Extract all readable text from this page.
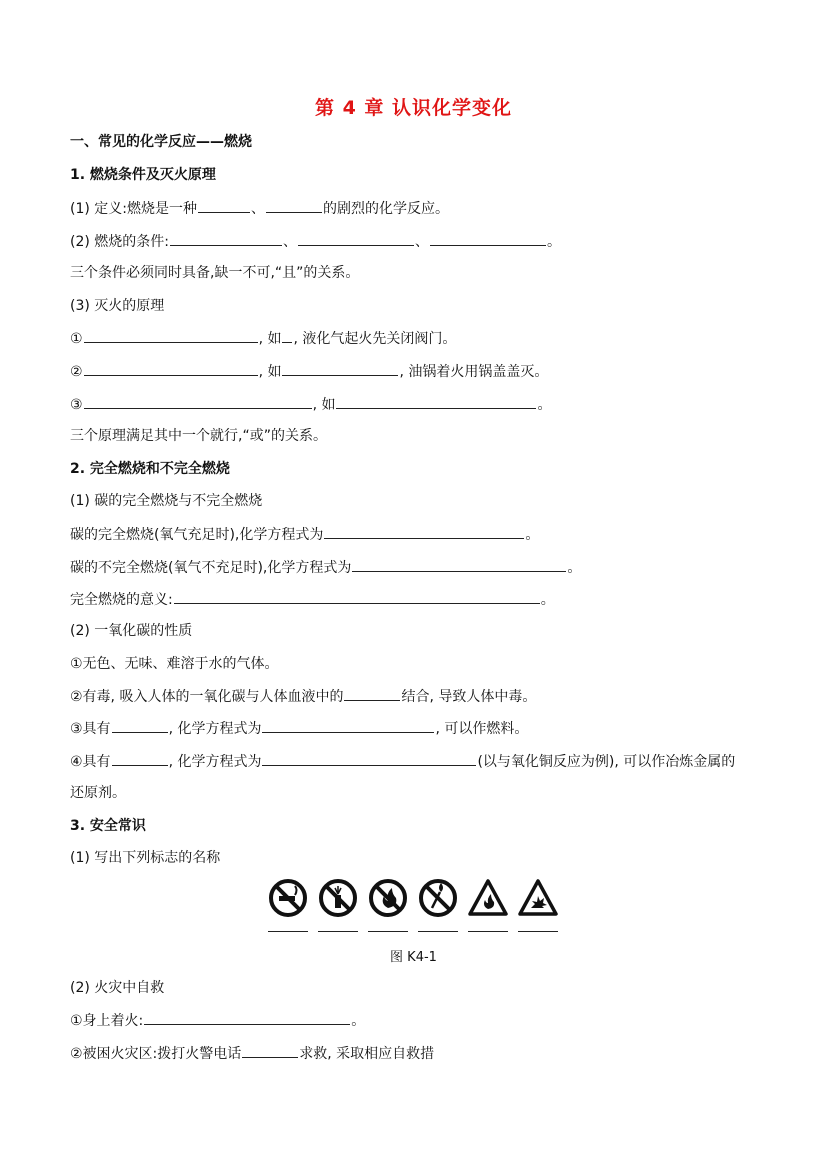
第 4 章 认识化学变化
一、常见的化学反应——燃烧
1. 燃烧条件及灭火原理
(1) 定义:燃烧是一种	、	的剧烈的化学反应。
(2) 燃烧的条件:	、	、	。
三个条件必须同时具备,缺一不可,“且”的关系。
(3) 灭火的原理
①	, 如 , 液化气起火先关闭阀门。
②	, 如	, 油锅着火用锅盖盖灭。
③	, 如	。
三个原理满足其中一个就行,“或”的关系。
2. 完全燃烧和不完全燃烧
(1) 碳的完全燃烧与不完全燃烧
碳的完全燃烧(氧气充足时),化学方程式为	。
碳的不完全燃烧(氧气不充足时),化学方程式为	。
完全燃烧的意义:	。
(2) 一氧化碳的性质
①无色、无味、难溶于水的气体。
②有毒, 吸入人体的一氧化碳与人体血液中的	结合, 导致人体中毒。
③具有	, 化学方程式为	, 可以作燃料。
④具有	, 化学方程式为	(以与氧化铜反应为例), 可以作冶炼金属的
还原剂。
3. 安全常识
(1) 写出下列标志的名称
图 K4-1
(2) 火灾中自救
①身上着火:	。
②被困火灾区:拨打火警电话	求救, 采取相应自救措
